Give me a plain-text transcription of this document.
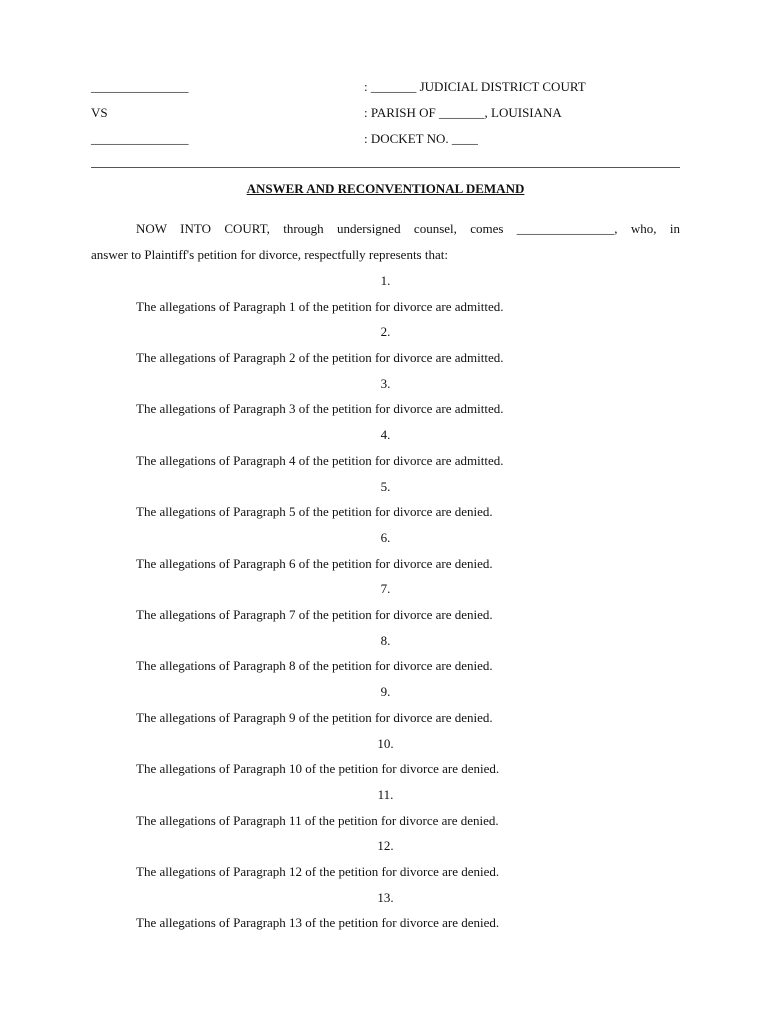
_______________
VS
_______________
: _______ JUDICIAL DISTRICT COURT
: PARISH OF _______, LOUISIANA
: DOCKET NO. ____
ANSWER AND RECONVENTIONAL DEMAND
NOW INTO COURT, through undersigned counsel, comes _______________, who, in
answer to Plaintiff's petition for divorce, respectfully represents that:
1.
The allegations of Paragraph 1 of the petition for divorce are admitted.
2.
The allegations of Paragraph 2 of the petition for divorce are admitted.
3.
The allegations of Paragraph 3 of the petition for divorce are admitted.
4.
The allegations of Paragraph 4 of the petition for divorce are admitted.
5.
The allegations of Paragraph 5 of the petition for divorce are denied.
6.
The allegations of Paragraph 6 of the petition for divorce are denied.
7.
The allegations of Paragraph 7 of the petition for divorce are denied.
8.
The allegations of Paragraph 8 of the petition for divorce are denied.
9.
The allegations of Paragraph 9 of the petition for divorce are denied.
10.
The allegations of Paragraph 10 of the petition for divorce are denied.
11.
The allegations of Paragraph 11 of the petition for divorce are denied.
12.
The allegations of Paragraph 12 of the petition for divorce are denied.
13.
The allegations of Paragraph 13 of the petition for divorce are denied.
